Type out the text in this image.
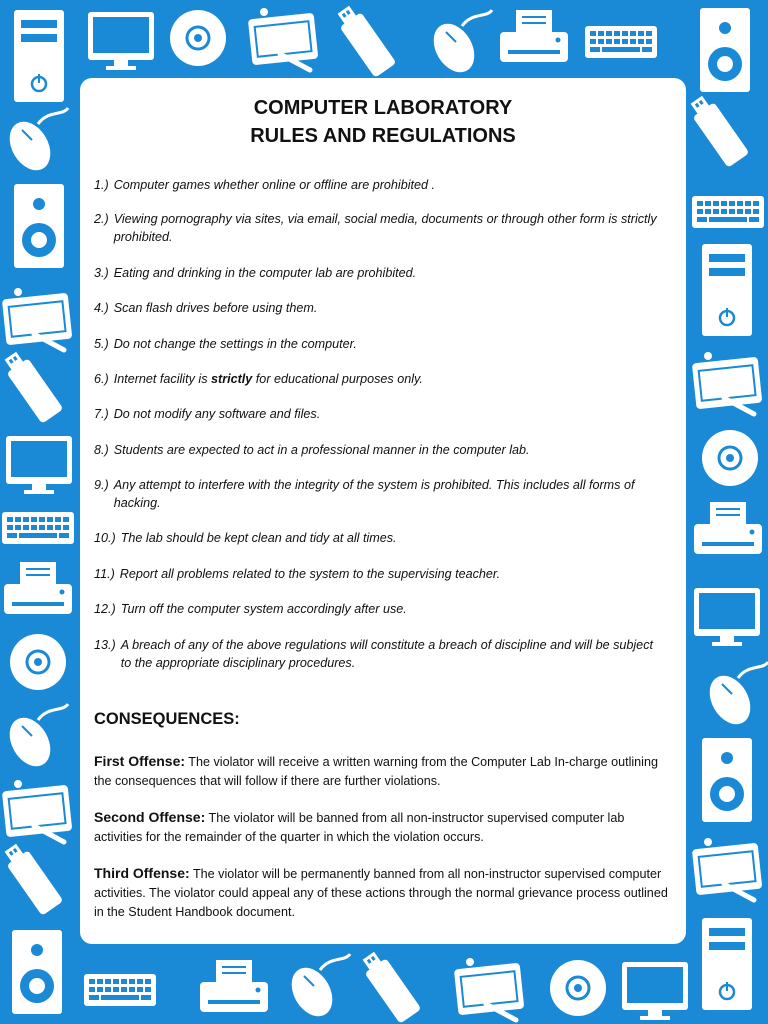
COMPUTER LABORATORY
RULES AND REGULATIONS
1.) Computer games whether online or offline are prohibited .
2.) Viewing pornography via sites, via email, social media, documents or through other form is strictly prohibited.
3.) Eating and drinking in the computer lab are prohibited.
4.) Scan flash drives before using them.
5.) Do not change the settings in the computer.
6.) Internet facility is strictly for educational purposes only.
7.) Do not modify any software and files.
8.) Students are expected to act in a professional manner in the computer lab.
9.) Any attempt to interfere with the integrity of the system is prohibited. This includes all forms of hacking.
10.) The lab should be kept clean and tidy at all times.
11.) Report all problems related to the system to the supervising teacher.
12.) Turn off the computer system accordingly after use.
13.) A breach of any of the above regulations will constitute a breach of discipline and will be subject to the appropriate disciplinary procedures.
CONSEQUENCES:
First Offense: The violator will receive a written warning from the Computer Lab In-charge outlining the consequences that will follow if there are further violations.
Second Offense: The violator will be banned from all non-instructor supervised computer lab activities for the remainder of the quarter in which the violation occurs.
Third Offense: The violator will be permanently banned from all non-instructor supervised computer activities. The violator could appeal any of these actions through the normal grievance process outlined in the Student Handbook document.
